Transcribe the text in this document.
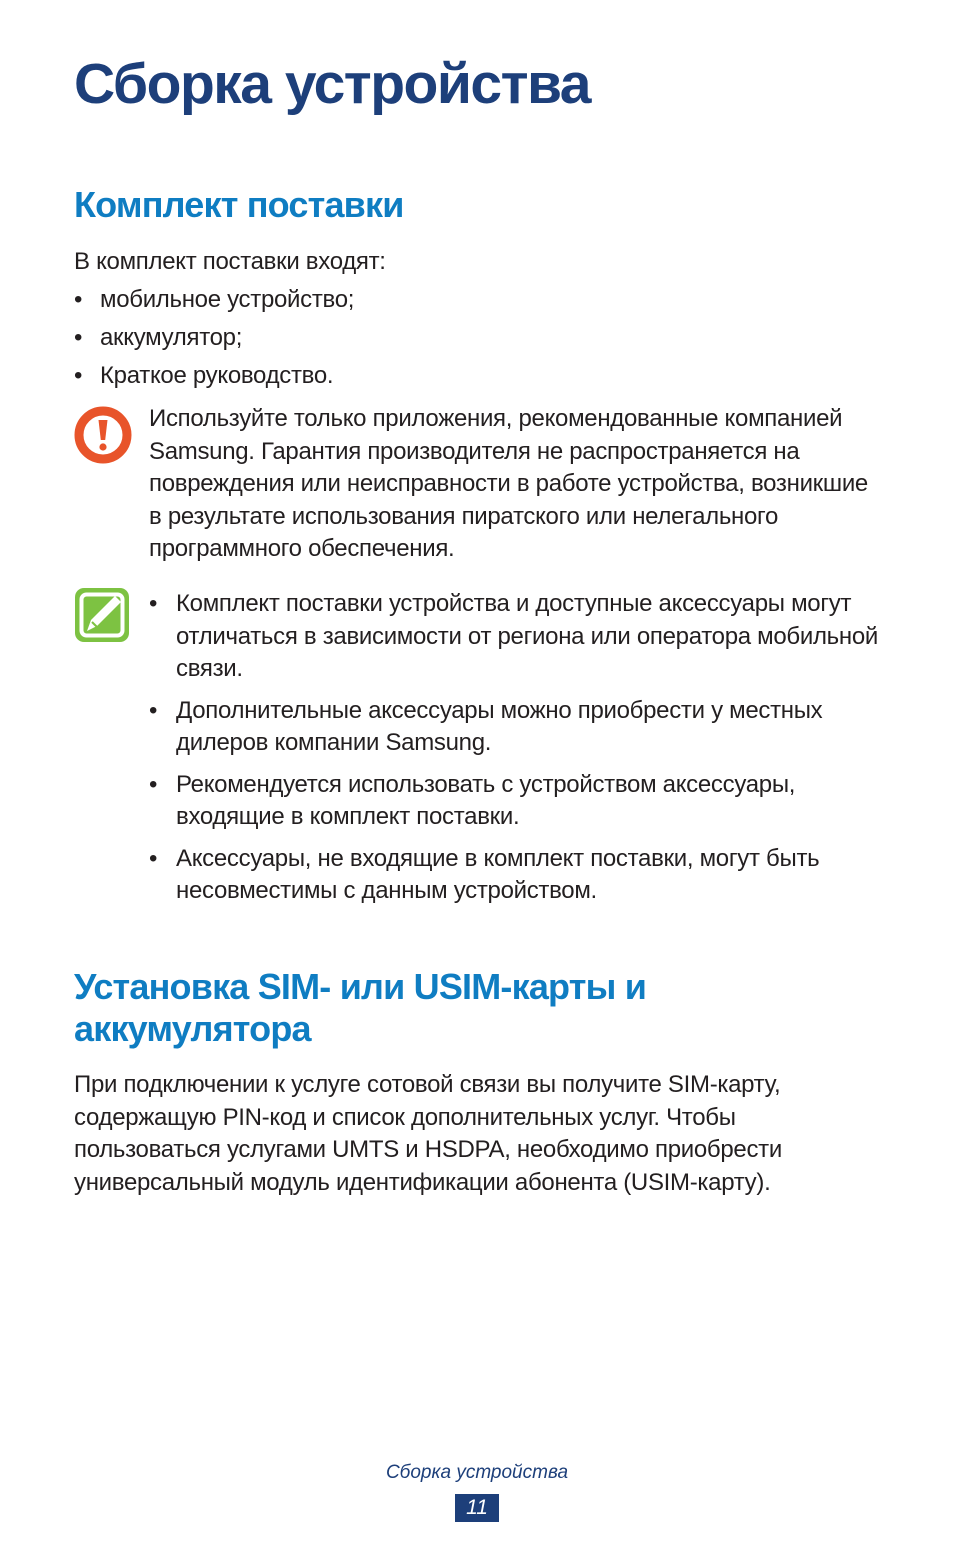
Сборка устройства
Комплект поставки

В комплект поставки входят:

• мобильное устройство;
• аккумулятор;
• Краткое руководство.

Используйте только приложения, рекомендованные компанией Samsung. Гарантия производителя не распространяется на повреждения или неисправности в работе устройства, возникшие в результате использования пиратского или нелегального программного обеспечения.

• Комплект поставки устройства и доступные аксессуары могут отличаться в зависимости от региона или оператора мобильной связи.
• Дополнительные аксессуары можно приобрести у местных дилеров компании Samsung.
• Рекомендуется использовать с устройством аксессуары, входящие в комплект поставки.
• Аксессуары, не входящие в комплект поставки, могут быть несовместимы с данным устройством.
Установка SIM- или USIM-карты и
аккумулятора

При подключении к услуге сотовой связи вы получите SIM-карту, содержащую PIN-код и список дополнительных услуг. Чтобы пользоваться услугами UMTS и HSDPA, необходимо приобрести универсальный модуль идентификации абонента (USIM-карту).

Сборка устройства
11
